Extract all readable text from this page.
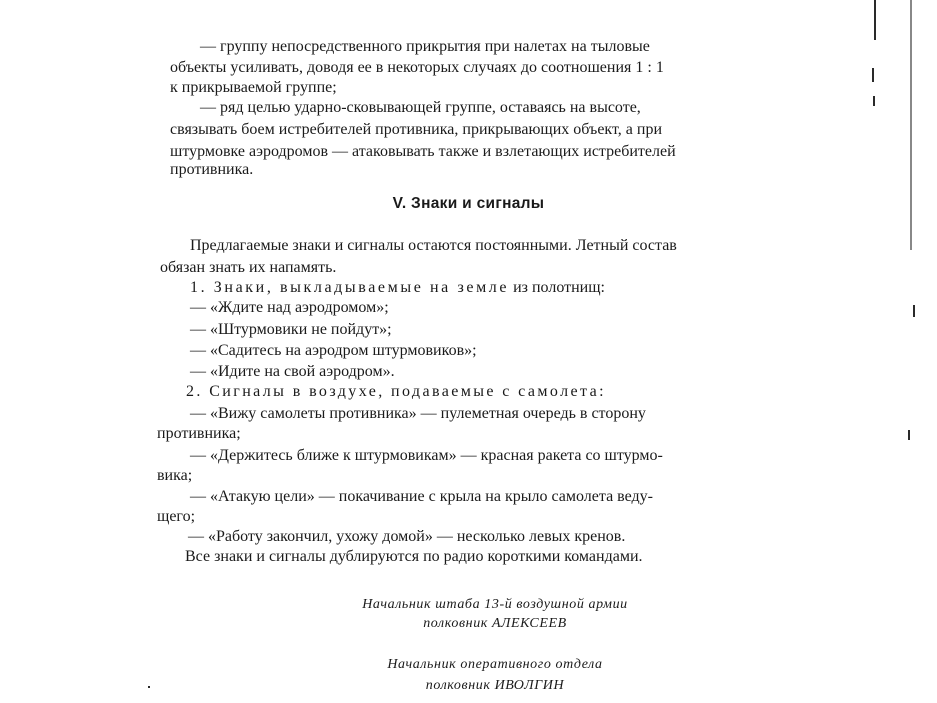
— группу непосредственного прикрытия при налетах на тыловые
объекты усиливать, доводя ее в некоторых случаях до соотношения 1 : 1
к прикрываемой группе;
— ряд целью ударно-сковывающей группе, оставаясь на высоте,
связывать боем истребителей противника, прикрывающих объект, а при
штурмовке аэродромов — атаковывать также и взлетающих истребителей
противника.
V. Знаки и сигналы
Предлагаемые знаки и сигналы остаются постоянными. Летный состав
обязан знать их напамять.
1. Знаки, выкладываемые на земле из полотнищ:
— «Ждите над аэродромом»;
— «Штурмовики не пойдут»;
— «Садитесь на аэродром штурмовиков»;
— «Идите на свой аэродром».
2. Сигналы в воздухе, подаваемые с самолета:
— «Вижу самолеты противника» — пулеметная очередь в сторону
противника;
— «Держитесь ближе к штурмовикам» — красная ракета со штурмо-
вика;
— «Атакую цели» — покачивание с крыла на крыло самолета веду-
щего;
— «Работу закончил, ухожу домой» — несколько левых кренов.
Все знаки и сигналы дублируются по радио короткими командами.
Начальник штаба 13-й воздушной армии
полковник АЛЕКСЕЕВ
Начальник оперативного отдела
полковник ИВОЛГИН
